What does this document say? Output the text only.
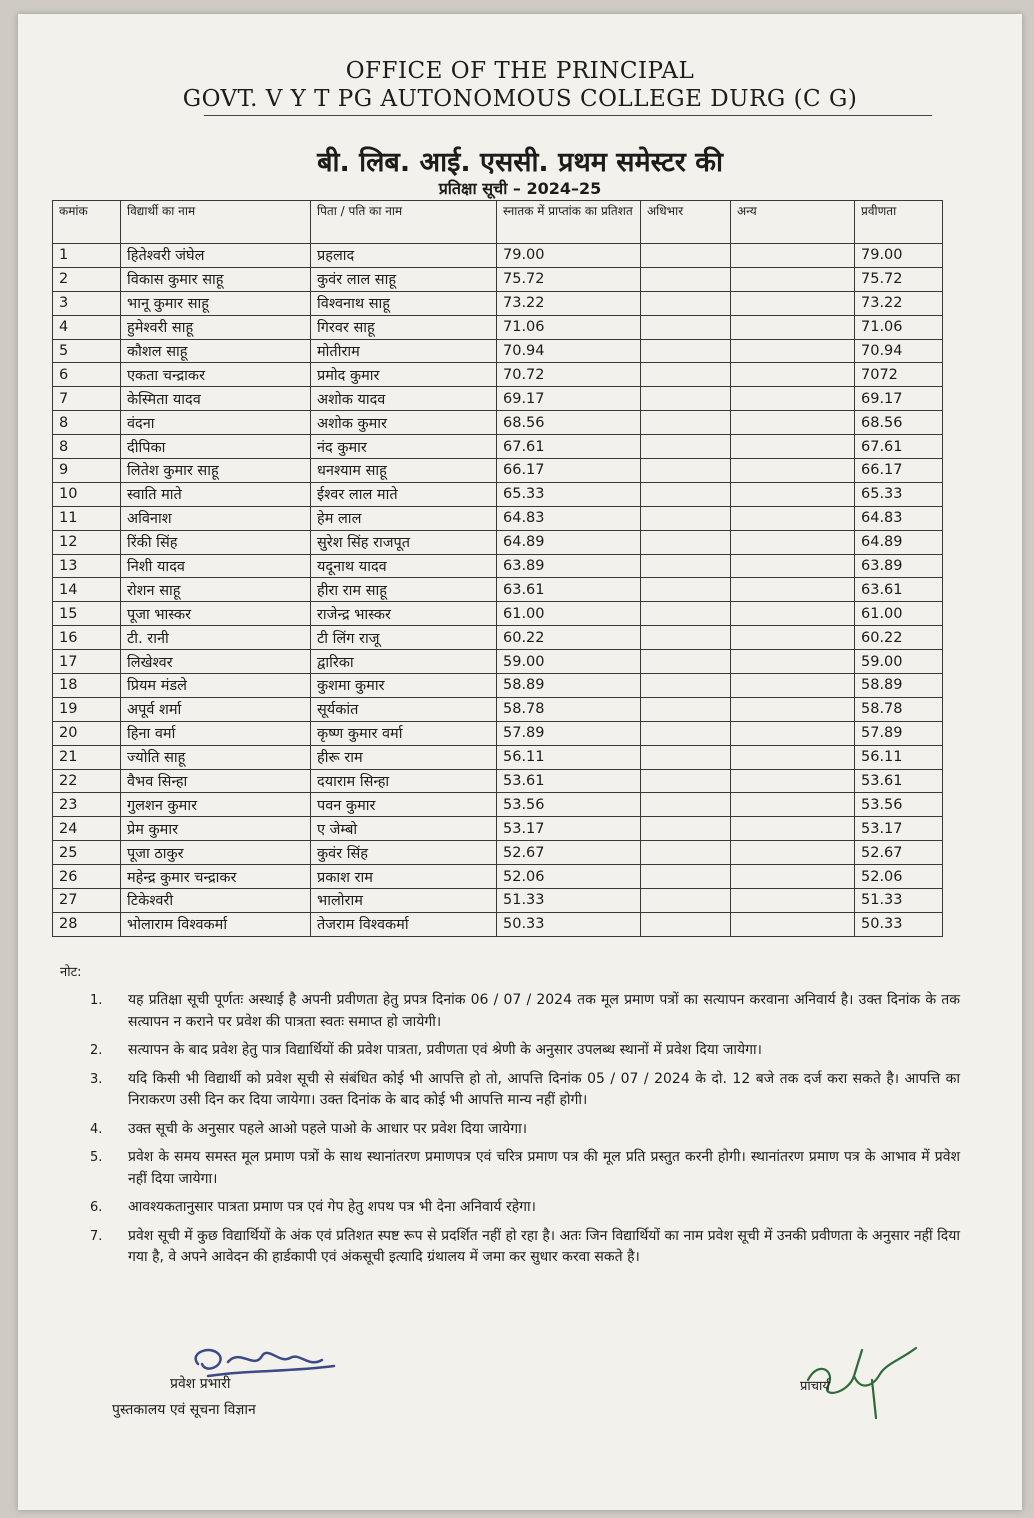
OFFICE OF THE PRINCIPAL
GOVT. V Y T PG AUTONOMOUS COLLEGE DURG (C G)
बी. लिब. आई. एससी. प्रथम समेस्टर की
प्रतिक्षा सूची – 2024–25
कमांक	विद्यार्थी का नाम	पिता / पति का नाम	स्नातक में प्राप्तांक का प्रतिशत	अधिभार	अन्य	प्रवीणता
1	हितेश्वरी जंघेल	प्रहलाद	79.00			79.00
2	विकास कुमार साहू	कुवंर लाल साहू	75.72			75.72
3	भानू कुमार साहू	विश्वनाथ साहू	73.22			73.22
4	हुमेश्वरी साहू	गिरवर साहू	71.06			71.06
5	कौशल साहू	मोतीराम	70.94			70.94
6	एकता चन्द्राकर	प्रमोद कुमार	70.72			7072
7	केस्मिता यादव	अशोक यादव	69.17			69.17
8	वंदना	अशोक कुमार	68.56			68.56
8	दीपिका	नंद कुमार	67.61			67.61
9	लितेश कुमार साहू	धनश्याम साहू	66.17			66.17
10	स्वाति माते	ईश्वर लाल माते	65.33			65.33
11	अविनाश	हेम लाल	64.83			64.83
12	रिंकी सिंह	सुरेश सिंह राजपूत	64.89			64.89
13	निशी यादव	यदूनाथ यादव	63.89			63.89
14	रोशन साहू	हीरा राम साहू	63.61			63.61
15	पूजा भास्कर	राजेन्द्र भास्कर	61.00			61.00
16	टी. रानी	टी लिंग राजू	60.22			60.22
17	लिखेश्वर	द्वारिका	59.00			59.00
18	प्रियम मंडले	कुशमा कुमार	58.89			58.89
19	अपूर्व शर्मा	सूर्यकांत	58.78			58.78
20	हिना वर्मा	कृष्ण कुमार वर्मा	57.89			57.89
21	ज्योति साहू	हीरू राम	56.11			56.11
22	वैभव सिन्हा	दयाराम सिन्हा	53.61			53.61
23	गुलशन कुमार	पवन कुमार	53.56			53.56
24	प्रेम कुमार	ए जेम्बो	53.17			53.17
25	पूजा ठाकुर	कुवंर सिंह	52.67			52.67
26	महेन्द्र कुमार चन्द्राकर	प्रकाश राम	52.06			52.06
27	टिकेश्वरी	भालोराम	51.33			51.33
28	भोलाराम विश्वकर्मा	तेजराम विश्वकर्मा	50.33			50.33
नोट:
1. यह प्रतिक्षा सूची पूर्णतः अस्थाई है अपनी प्रवीणता हेतु प्रपत्र दिनांक 06 / 07 / 2024 तक मूल प्रमाण पत्रों का सत्यापन करवाना अनिवार्य है। उक्त दिनांक के तक सत्यापन न कराने पर प्रवेश की पात्रता स्वतः समाप्त हो जायेगी।
2. सत्यापन के बाद प्रवेश हेतु पात्र विद्यार्थियों की प्रवेश पात्रता, प्रवीणता एवं श्रेणी के अनुसार उपलब्ध स्थानों में प्रवेश दिया जायेगा।
3. यदि किसी भी विद्यार्थी को प्रवेश सूची से संबंधित कोई भी आपत्ति हो तो, आपत्ति दिनांक 05 / 07 / 2024 के दो. 12 बजे तक दर्ज करा सकते है। आपत्ति का निराकरण उसी दिन कर दिया जायेगा। उक्त दिनांक के बाद कोई भी आपत्ति मान्य नहीं होगी।
4. उक्त सूची के अनुसार पहले आओ पहले पाओ के आधार पर प्रवेश दिया जायेगा।
5. प्रवेश के समय समस्त मूल प्रमाण पत्रों के साथ स्थानांतरण प्रमाणपत्र एवं चरित्र प्रमाण पत्र की मूल प्रति प्रस्तुत करनी होगी। स्थानांतरण प्रमाण पत्र के आभाव में प्रवेश नहीं दिया जायेगा।
6. आवश्यकतानुसार पात्रता प्रमाण पत्र एवं गेप हेतु शपथ पत्र भी देना अनिवार्य रहेगा।
7. प्रवेश सूची में कुछ विद्यार्थियों के अंक एवं प्रतिशत स्पष्ट रूप से प्रदर्शित नहीं हो रहा है। अतः जिन विद्यार्थियों का नाम प्रवेश सूची में उनकी प्रवीणता के अनुसार नहीं दिया गया है, वे अपने आवेदन की हार्डकापी एवं अंकसूची इत्यादि ग्रंथालय में जमा कर सुधार करवा सकते है।
प्रवेश प्रभारी
पुस्तकालय एवं सूचना विज्ञान
प्राचार्य
